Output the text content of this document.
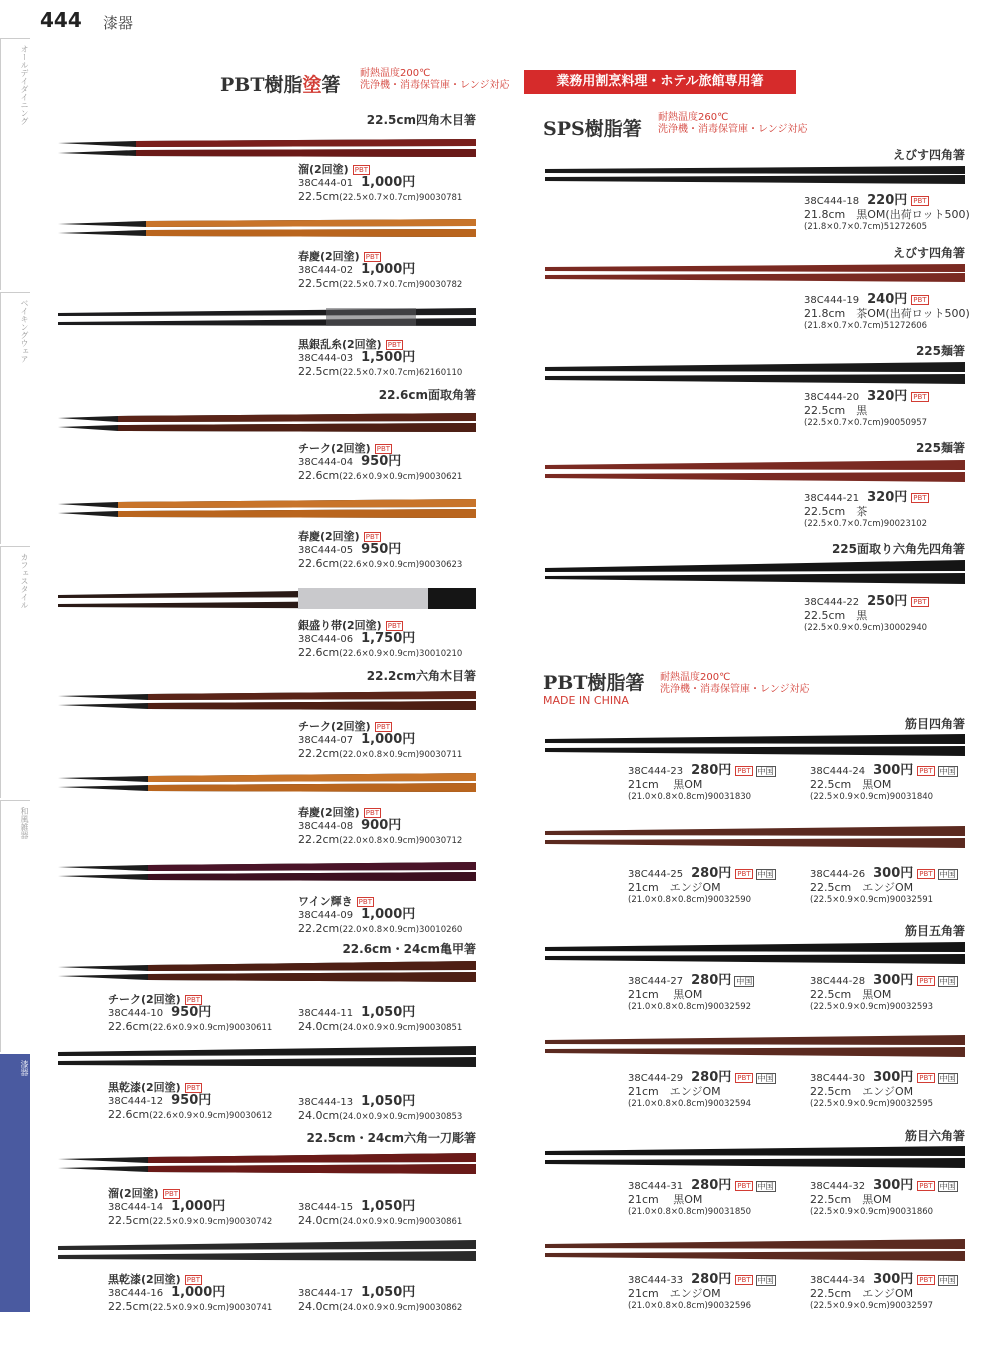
444 漆器
オールデイダイニング
ベイキングウェア
カフェスタイル
和風雑器
漆器
PBT樹脂塗箸
耐熱温度200℃
洗浄機・消毒保管庫・レンジ対応	業務用割烹料理・ホテル旅館専用箸
SPS樹脂箸
耐熱温度260℃
洗浄機・消毒保管庫・レンジ対応
PBT樹脂箸
MADE IN CHINA
耐熱温度200℃
洗浄機・消毒保管庫・レンジ対応
22.5cm四角木目箸
22.6cm面取角箸
22.2cm六角木目箸
22.6cm・24cm亀甲箸
22.5cm・24cm六角一刀彫箸
溜(2回塗) PBT
38C444-01 1,000円
22.5cm(22.5×0.7×0.7cm)90030781
春慶(2回塗) PBT
38C444-02 1,000円
22.5cm(22.5×0.7×0.7cm)90030782
黒銀乱糸(2回塗) PBT
38C444-03 1,500円
22.5cm(22.5×0.7×0.7cm)62160110
チーク(2回塗) PBT
38C444-04 950円
22.6cm(22.6×0.9×0.9cm)90030621
春慶(2回塗) PBT
38C444-05 950円
22.6cm(22.6×0.9×0.9cm)90030623
銀盛り帯(2回塗) PBT
38C444-06 1,750円
22.6cm(22.6×0.9×0.9cm)30010210
チーク(2回塗) PBT
38C444-07 1,000円
22.2cm(22.0×0.8×0.9cm)90030711
春慶(2回塗) PBT
38C444-08 900円
22.2cm(22.0×0.8×0.9cm)90030712
ワイン輝き PBT
38C444-09 1,000円
22.2cm(22.0×0.8×0.9cm)30010260
チーク(2回塗) PBT
38C444-10 950円
22.6cm(22.6×0.9×0.9cm)90030611
38C444-11 1,050円
24.0cm(24.0×0.9×0.9cm)90030851
黒乾漆(2回塗) PBT
38C444-12 950円
22.6cm(22.6×0.9×0.9cm)90030612
38C444-13 1,050円
24.0cm(24.0×0.9×0.9cm)90030853
溜(2回塗) PBT
38C444-14 1,000円
22.5cm(22.5×0.9×0.9cm)90030742
38C444-15 1,050円
24.0cm(24.0×0.9×0.9cm)90030861
黒乾漆(2回塗) PBT
38C444-16 1,000円
22.5cm(22.5×0.9×0.9cm)90030741
38C444-17 1,050円
24.0cm(24.0×0.9×0.9cm)90030862
えびす四角箸
38C444-18 220円 PBT
21.8cm　黒OM(出荷ロット500)
(21.8×0.7×0.7cm)51272605
えびす四角箸
38C444-19 240円 PBT
21.8cm　茶OM(出荷ロット500)
(21.8×0.7×0.7cm)51272606
225麺箸
38C444-20 320円 PBT
22.5cm　黒
(22.5×0.7×0.7cm)90050957
225麺箸
38C444-21 320円 PBT
22.5cm　茶
(22.5×0.7×0.7cm)90023102
225面取り六角先四角箸
38C444-22 250円 PBT
22.5cm　黒
(22.5×0.9×0.9cm)30002940
筋目四角箸
筋目五角箸
筋目六角箸
38C444-23 280円 PBT 中国
21cm　 黒OM
(21.0×0.8×0.8cm)90031830
38C444-24 300円 PBT 中国
22.5cm　黒OM
(22.5×0.9×0.9cm)90031840
38C444-25 280円 PBT 中国
21cm　エンジOM
(21.0×0.8×0.8cm)90032590
38C444-26 300円 PBT 中国
22.5cm　エンジOM
(22.5×0.9×0.9cm)90032591
38C444-27 280円 中国
21cm　 黒OM
(21.0×0.8×0.8cm)90032592
38C444-28 300円 PBT 中国
22.5cm　黒OM
(22.5×0.9×0.9cm)90032593
38C444-29 280円 PBT 中国
21cm　エンジOM
(21.0×0.8×0.8cm)90032594
38C444-30 300円 PBT 中国
22.5cm　エンジOM
(22.5×0.9×0.9cm)90032595
38C444-31 280円 PBT 中国
21cm　 黒OM
(21.0×0.8×0.8cm)90031850
38C444-32 300円 PBT 中国
22.5cm　黒OM
(22.5×0.9×0.9cm)90031860
38C444-33 280円 PBT 中国
21cm　エンジOM
(21.0×0.8×0.8cm)90032596
38C444-34 300円 PBT 中国
22.5cm　エンジOM
(22.5×0.9×0.9cm)90032597
